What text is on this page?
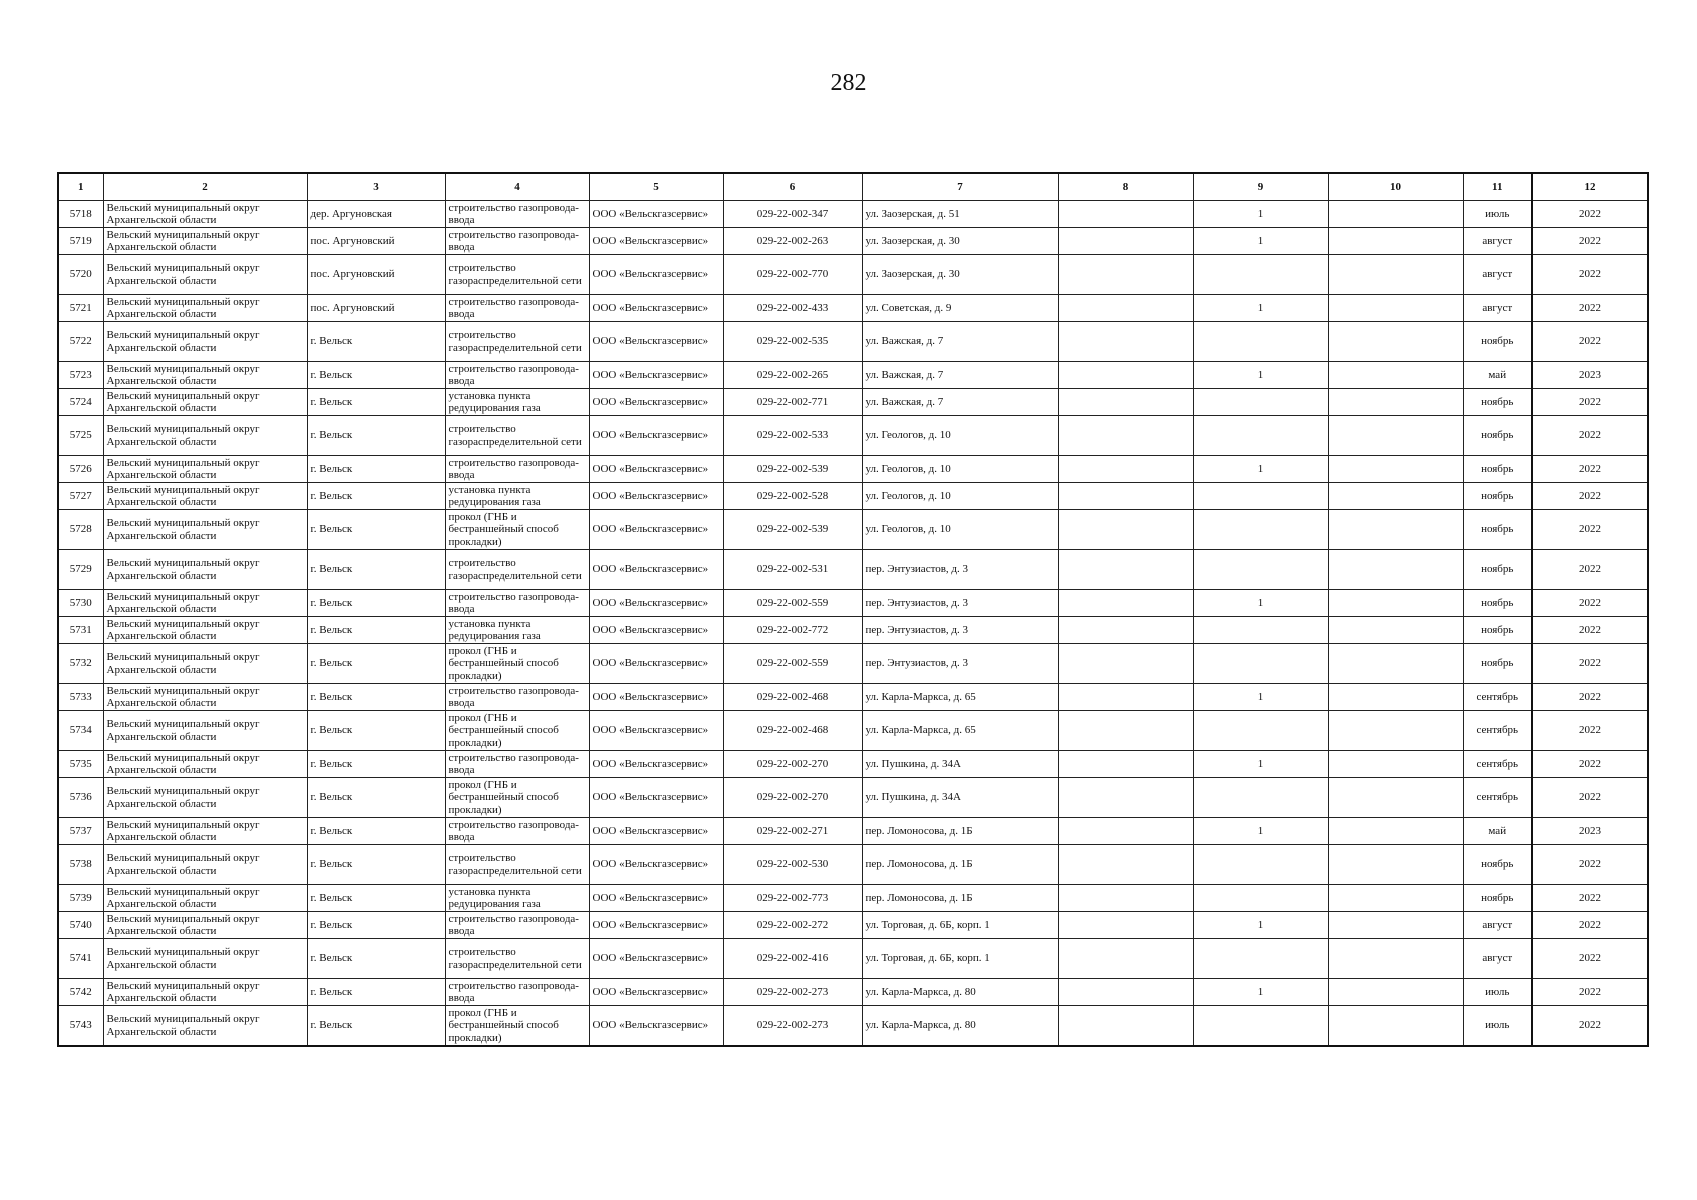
282
1	2	3	4	5	6	7	8	9	10	11	12
5718	Вельский муниципальный округ Архангельской области	дер. Аргуновская	строительство газопровода-ввода	ООО «Вельскгазсервис»	029-22-002-347	ул. Заозерская, д. 51		1		июль	2022
5719	Вельский муниципальный округ Архангельской области	пос. Аргуновский	строительство газопровода-ввода	ООО «Вельскгазсервис»	029-22-002-263	ул. Заозерская, д. 30		1		август	2022
5720	Вельский муниципальный округ Архангельской области	пос. Аргуновский	строительство газораспределительной сети	ООО «Вельскгазсервис»	029-22-002-770	ул. Заозерская, д. 30				август	2022
5721	Вельский муниципальный округ Архангельской области	пос. Аргуновский	строительство газопровода-ввода	ООО «Вельскгазсервис»	029-22-002-433	ул. Советская, д. 9		1		август	2022
5722	Вельский муниципальный округ Архангельской области	г. Вельск	строительство газораспределительной сети	ООО «Вельскгазсервис»	029-22-002-535	ул. Важская, д. 7				ноябрь	2022
5723	Вельский муниципальный округ Архангельской области	г. Вельск	строительство газопровода-ввода	ООО «Вельскгазсервис»	029-22-002-265	ул. Важская, д. 7		1		май	2023
5724	Вельский муниципальный округ Архангельской области	г. Вельск	установка пункта редуцирования газа	ООО «Вельскгазсервис»	029-22-002-771	ул. Важская, д. 7				ноябрь	2022
5725	Вельский муниципальный округ Архангельской области	г. Вельск	строительство газораспределительной сети	ООО «Вельскгазсервис»	029-22-002-533	ул. Геологов, д. 10				ноябрь	2022
5726	Вельский муниципальный округ Архангельской области	г. Вельск	строительство газопровода-ввода	ООО «Вельскгазсервис»	029-22-002-539	ул. Геологов, д. 10		1		ноябрь	2022
5727	Вельский муниципальный округ Архангельской области	г. Вельск	установка пункта редуцирования газа	ООО «Вельскгазсервис»	029-22-002-528	ул. Геологов, д. 10				ноябрь	2022
5728	Вельский муниципальный округ Архангельской области	г. Вельск	прокол (ГНБ и бестраншейный способ прокладки)	ООО «Вельскгазсервис»	029-22-002-539	ул. Геологов, д. 10				ноябрь	2022
5729	Вельский муниципальный округ Архангельской области	г. Вельск	строительство газораспределительной сети	ООО «Вельскгазсервис»	029-22-002-531	пер. Энтузиастов, д. 3				ноябрь	2022
5730	Вельский муниципальный округ Архангельской области	г. Вельск	строительство газопровода-ввода	ООО «Вельскгазсервис»	029-22-002-559	пер. Энтузиастов, д. 3		1		ноябрь	2022
5731	Вельский муниципальный округ Архангельской области	г. Вельск	установка пункта редуцирования газа	ООО «Вельскгазсервис»	029-22-002-772	пер. Энтузиастов, д. 3				ноябрь	2022
5732	Вельский муниципальный округ Архангельской области	г. Вельск	прокол (ГНБ и бестраншейный способ прокладки)	ООО «Вельскгазсервис»	029-22-002-559	пер. Энтузиастов, д. 3				ноябрь	2022
5733	Вельский муниципальный округ Архангельской области	г. Вельск	строительство газопровода-ввода	ООО «Вельскгазсервис»	029-22-002-468	ул. Карла-Маркса, д. 65		1		сентябрь	2022
5734	Вельский муниципальный округ Архангельской области	г. Вельск	прокол (ГНБ и бестраншейный способ прокладки)	ООО «Вельскгазсервис»	029-22-002-468	ул. Карла-Маркса, д. 65				сентябрь	2022
5735	Вельский муниципальный округ Архангельской области	г. Вельск	строительство газопровода-ввода	ООО «Вельскгазсервис»	029-22-002-270	ул. Пушкина, д. 34А		1		сентябрь	2022
5736	Вельский муниципальный округ Архангельской области	г. Вельск	прокол (ГНБ и бестраншейный способ прокладки)	ООО «Вельскгазсервис»	029-22-002-270	ул. Пушкина, д. 34А				сентябрь	2022
5737	Вельский муниципальный округ Архангельской области	г. Вельск	строительство газопровода-ввода	ООО «Вельскгазсервис»	029-22-002-271	пер. Ломоносова, д. 1Б		1		май	2023
5738	Вельский муниципальный округ Архангельской области	г. Вельск	строительство газораспределительной сети	ООО «Вельскгазсервис»	029-22-002-530	пер. Ломоносова, д. 1Б				ноябрь	2022
5739	Вельский муниципальный округ Архангельской области	г. Вельск	установка пункта редуцирования газа	ООО «Вельскгазсервис»	029-22-002-773	пер. Ломоносова, д. 1Б				ноябрь	2022
5740	Вельский муниципальный округ Архангельской области	г. Вельск	строительство газопровода-ввода	ООО «Вельскгазсервис»	029-22-002-272	ул. Торговая, д. 6Б, корп. 1		1		август	2022
5741	Вельский муниципальный округ Архангельской области	г. Вельск	строительство газораспределительной сети	ООО «Вельскгазсервис»	029-22-002-416	ул. Торговая, д. 6Б, корп. 1				август	2022
5742	Вельский муниципальный округ Архангельской области	г. Вельск	строительство газопровода-ввода	ООО «Вельскгазсервис»	029-22-002-273	ул. Карла-Маркса, д. 80		1		июль	2022
5743	Вельский муниципальный округ Архангельской области	г. Вельск	прокол (ГНБ и бестраншейный способ прокладки)	ООО «Вельскгазсервис»	029-22-002-273	ул. Карла-Маркса, д. 80				июль	2022
